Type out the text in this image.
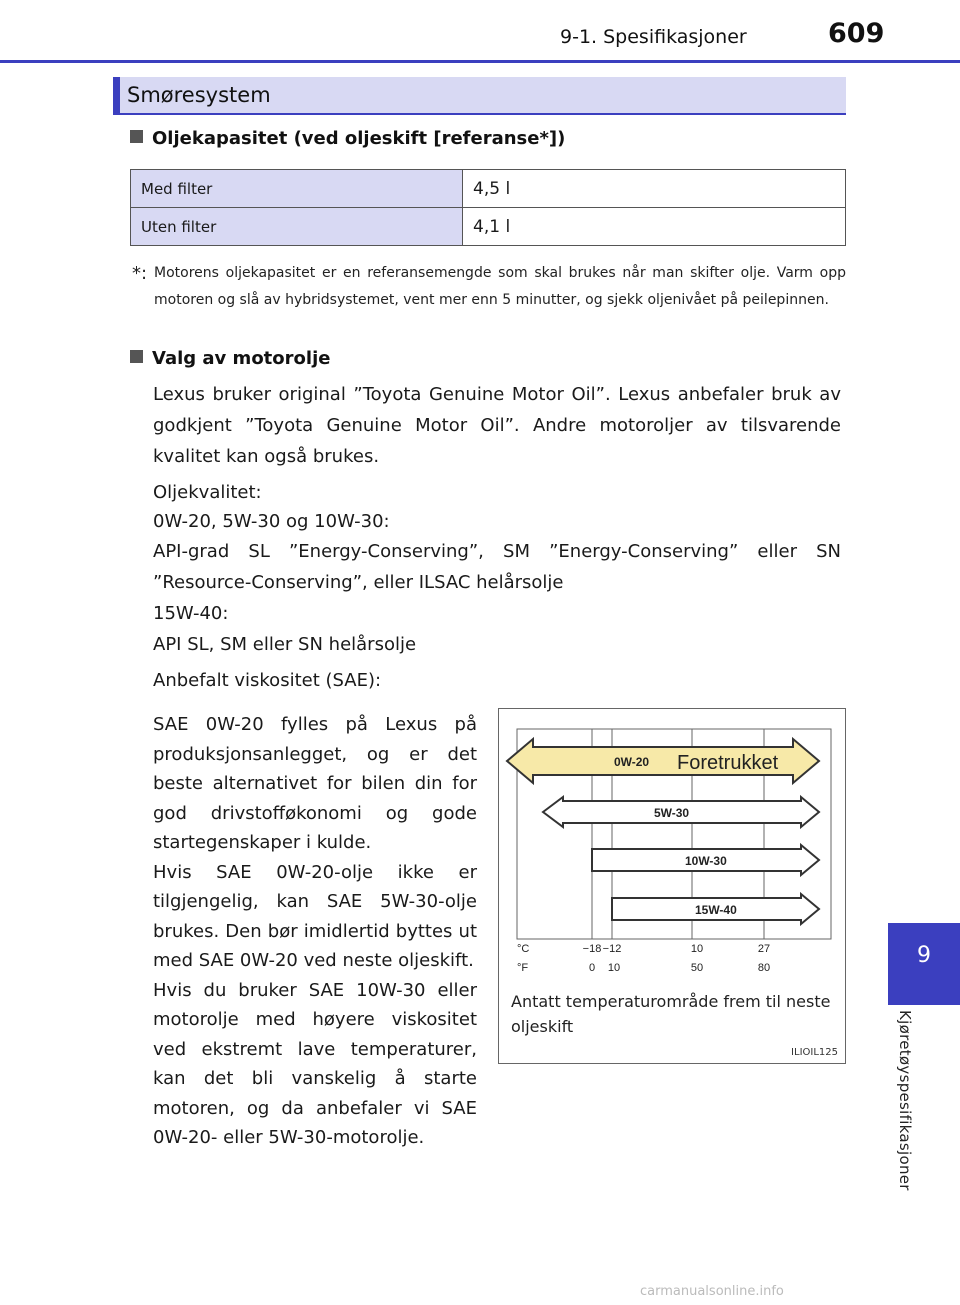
9-1. Spesifikasjoner	609
9
Kjøretøyspesifikasjoner
Smøresystem
Oljekapasitet (ved oljeskift [referanse*])
Med filter	4,5 l
Uten filter	4,1 l
*: Motorens oljekapasitet er en referansemengde som skal brukes når man skifter olje. Varm opp motoren og slå av hybridsystemet, vent mer enn 5 minutter, og sjekk oljenivået på peilepinnen.
Valg av motorolje
Lexus bruker original ”Toyota Genuine Motor Oil”. Lexus anbefaler bruk av godkjent ”Toyota Genuine Motor Oil”. Andre motoroljer av tilsvarende kvalitet kan også brukes.
Oljekvalitet:
0W-20, 5W-30 og 10W-30:
API-grad SL ”Energy-Conserving”, SM ”Energy-Conserving” eller SN ”Resource-Conserving”, eller ILSAC helårsolje
15W-40:
API SL, SM eller SN helårsolje
Anbefalt viskositet (SAE):
SAE 0W-20 fylles på Lexus på produksjonsanlegget, og er det beste alternativet for bilen din for god drivstofføkonomi og gode startegenskaper i kulde.
Hvis SAE 0W-20-olje ikke er tilgjengelig, kan SAE 5W-30-olje brukes. Den bør imidlertid byttes ut med SAE 0W-20 ved neste oljeskift.
Hvis du bruker SAE 10W-30 eller motorolje med høyere viskositet ved ekstremt lave temperaturer, kan det bli vanskelig å starte motoren, og da anbefaler vi SAE 0W-20- eller 5W-30-motorolje.
0W-20 Foretrukket
5W-30
10W-30
15W-40
°C
°F
−18 −12	10	27
0 10	50	80
Antatt temperaturområde frem til neste oljeskift
ILIOIL125
carmanualsonline.info
